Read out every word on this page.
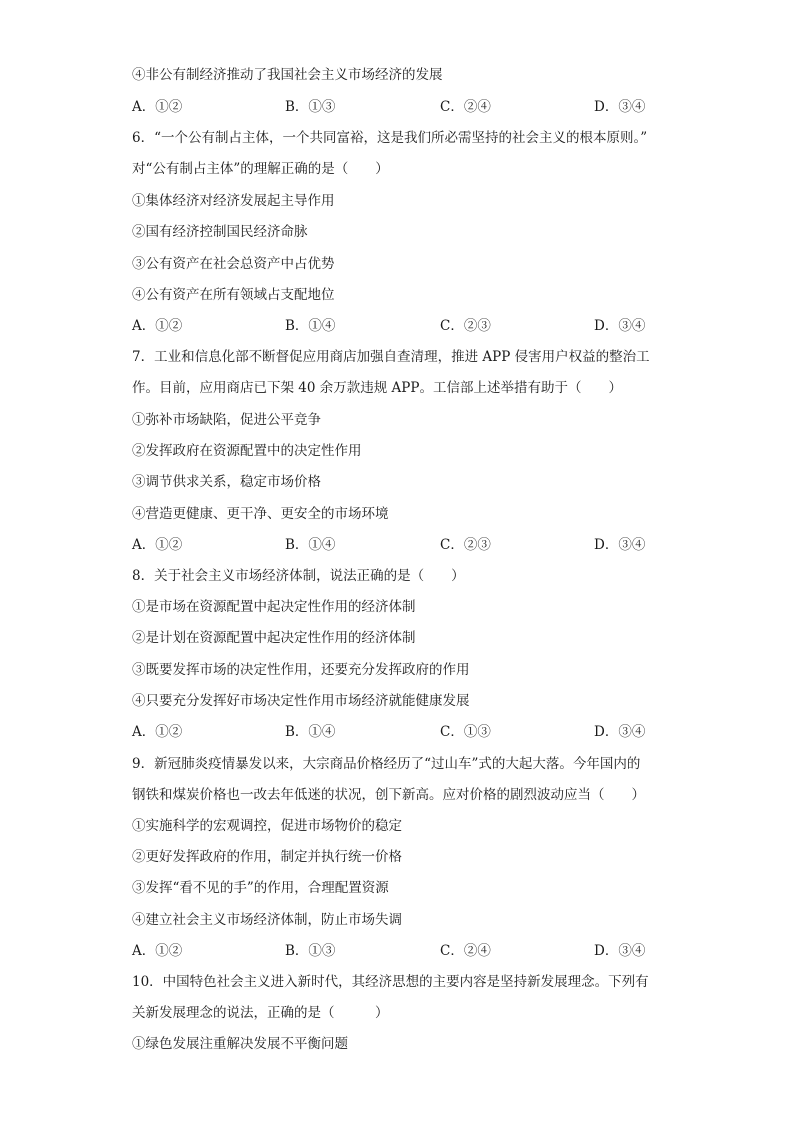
④非公有制经济推动了我国社会主义市场经济的发展
A．①②	B．①③	C．②④	D．③④
6．“一个公有制占主体，一个共同富裕，这是我们所必需坚持的社会主义的根本原则。”
对“公有制占主体”的理解正确的是（　　）
①集体经济对经济发展起主导作用
②国有经济控制国民经济命脉
③公有资产在社会总资产中占优势
④公有资产在所有领域占支配地位
A．①②	B．①④	C．②③	D．③④
7．工业和信息化部不断督促应用商店加强自查清理，推进 APP 侵害用户权益的整治工
作。目前，应用商店已下架 40 余万款违规 APP。工信部上述举措有助于（　　）
①弥补市场缺陷，促进公平竞争
②发挥政府在资源配置中的决定性作用
③调节供求关系，稳定市场价格
④营造更健康、更干净、更安全的市场环境
A．①②	B．①④	C．②③	D．③④
8．关于社会主义市场经济体制，说法正确的是（　　）
①是市场在资源配置中起决定性作用的经济体制
②是计划在资源配置中起决定性作用的经济体制
③既要发挥市场的决定性作用，还要充分发挥政府的作用
④只要充分发挥好市场决定性作用市场经济就能健康发展
A．①②	B．①④	C．①③	D．③④
9．新冠肺炎疫情暴发以来，大宗商品价格经历了“过山车”式的大起大落。今年国内的
钢铁和煤炭价格也一改去年低迷的状况，创下新高。应对价格的剧烈波动应当（　　）
①实施科学的宏观调控，促进市场物价的稳定
②更好发挥政府的作用，制定并执行统一价格
③发挥“看不见的手”的作用，合理配置资源
④建立社会主义市场经济体制，防止市场失调
A．①②	B．①③	C．②④	D．③④
10．中国特色社会主义进入新时代，其经济思想的主要内容是坚持新发展理念。下列有
关新发展理念的说法，正确的是（　　　）
①绿色发展注重解决发展不平衡问题
